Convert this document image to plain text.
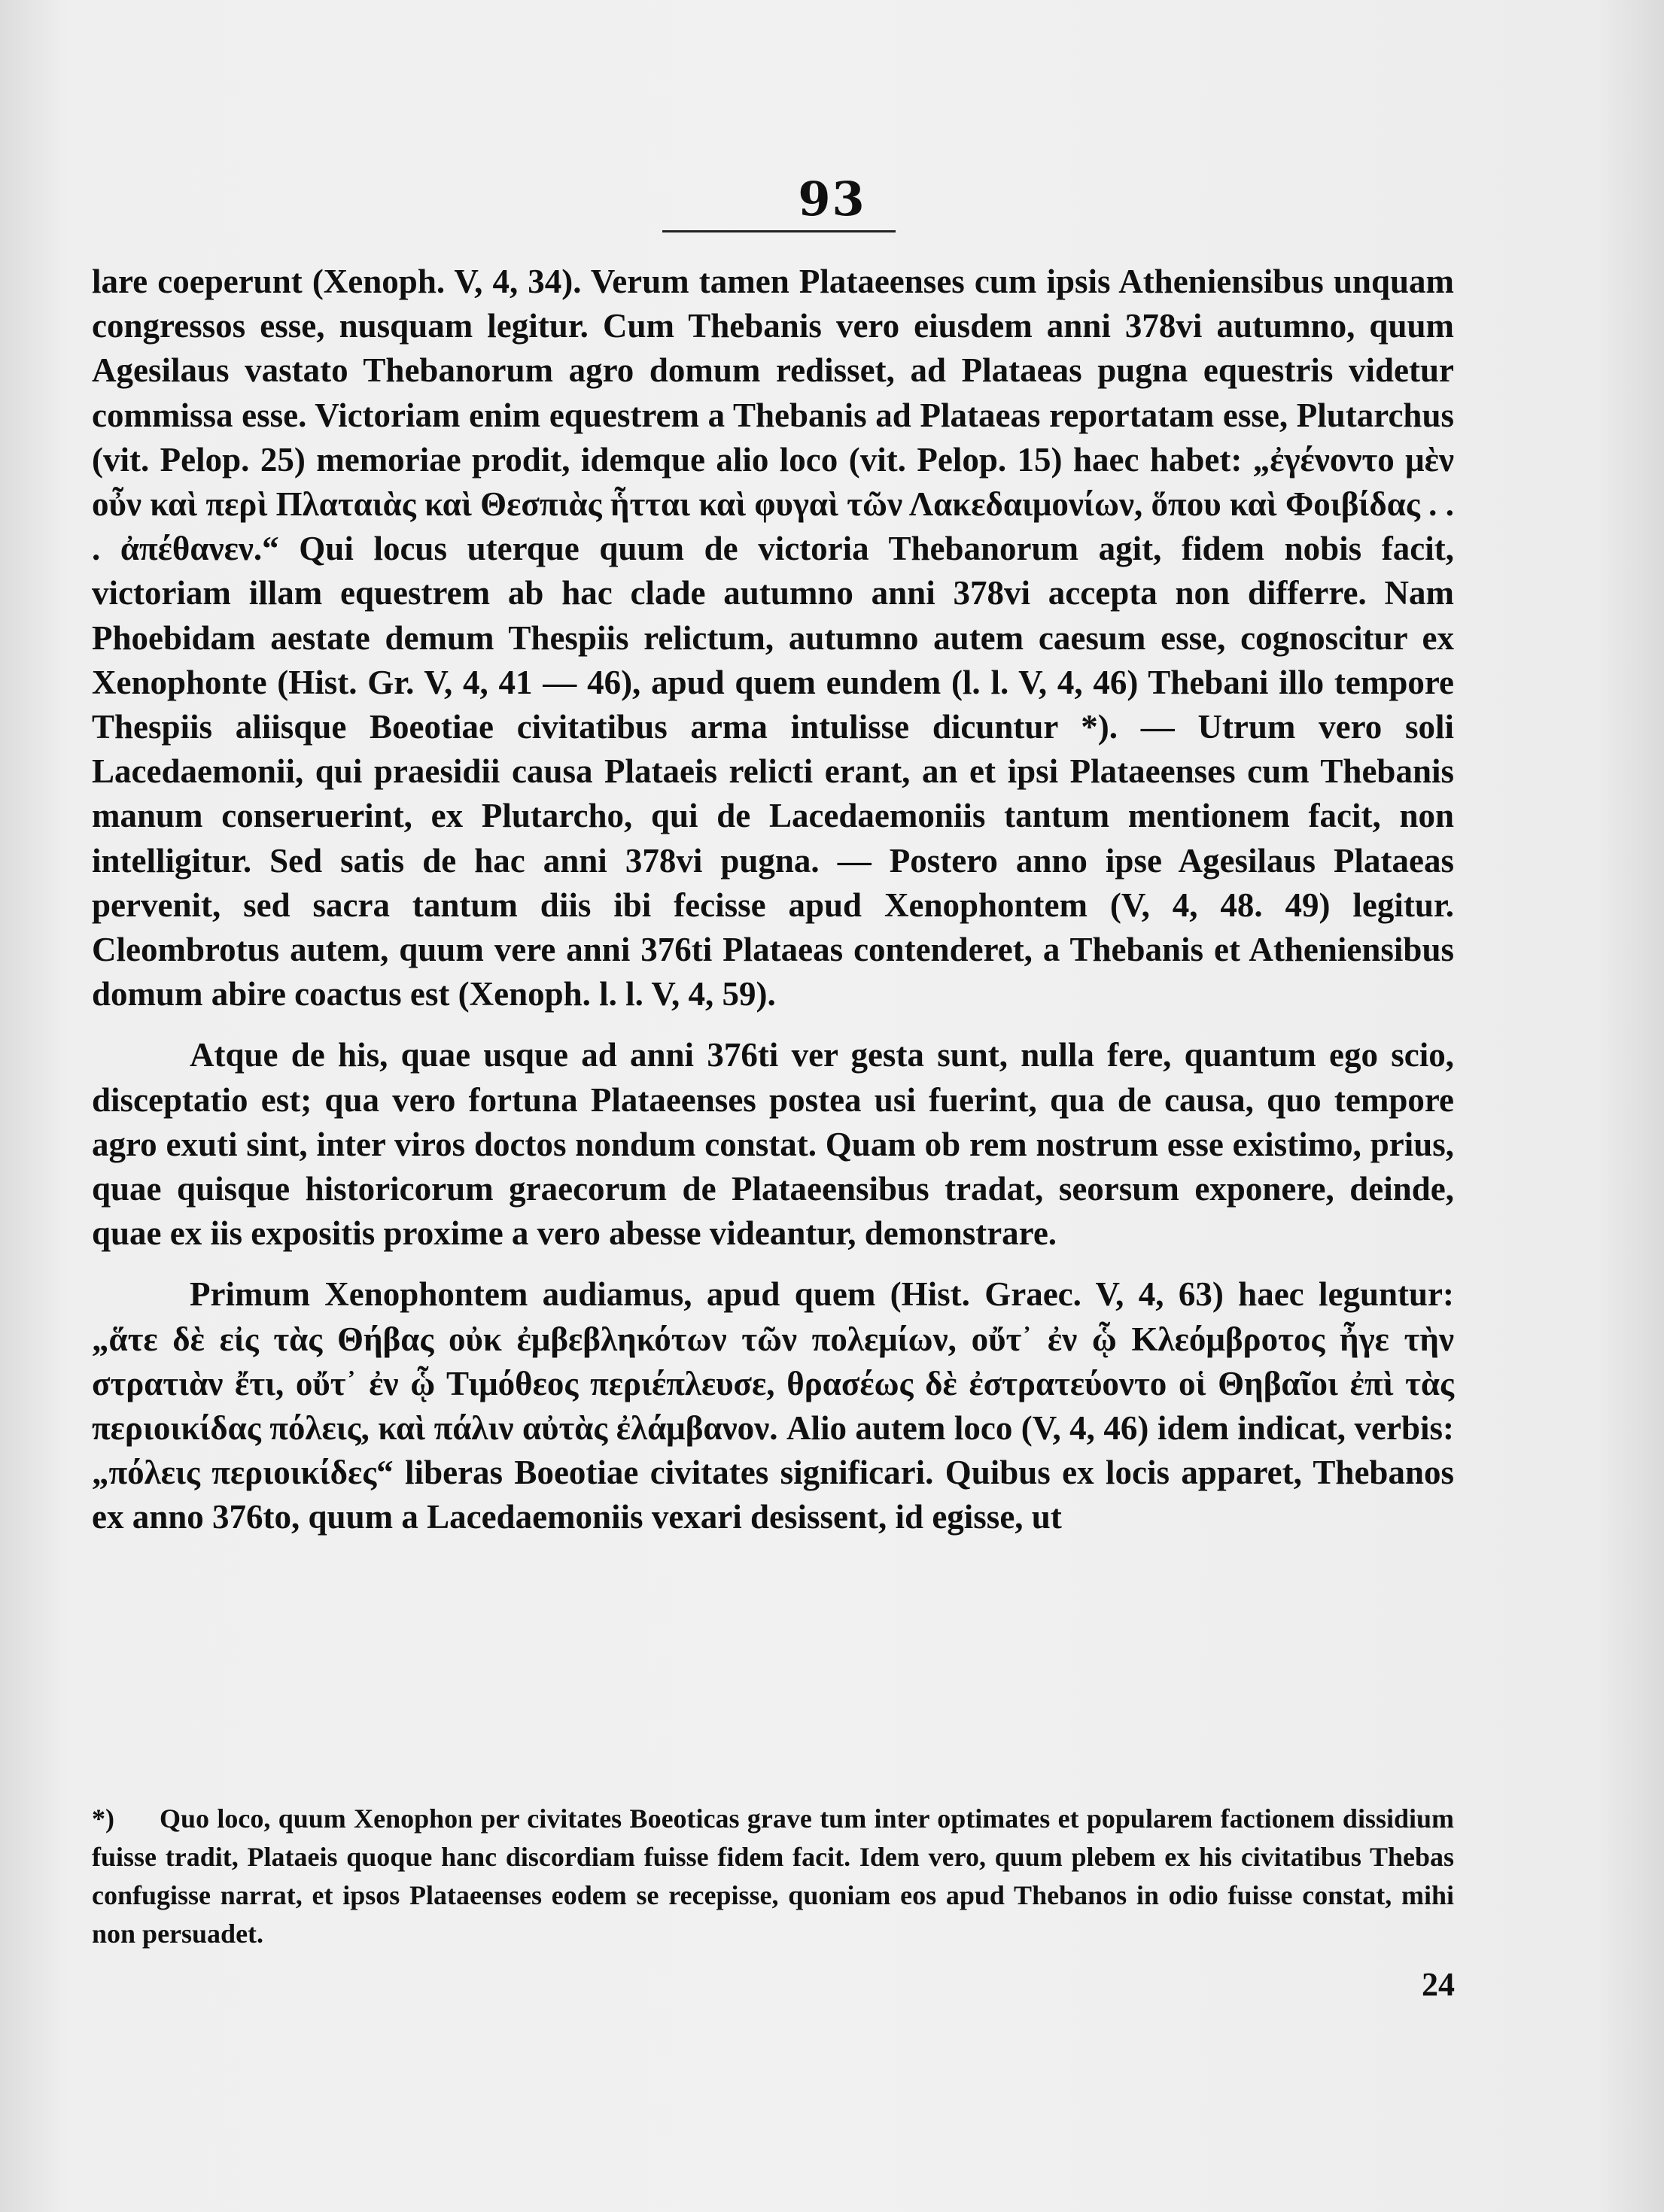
93

lare coeperunt (Xenoph. V, 4, 34). Verum tamen Plataeenses cum ipsis Atheniensibus unquam congressos esse, nusquam legitur. Cum Thebanis vero eiusdem anni 378vi autumno, quum Agesilaus vastato Thebanorum agro domum redisset, ad Plataeas pugna equestris videtur commissa esse. Victoriam enim equestrem a Thebanis ad Plataeas reportatam esse, Plutarchus (vit. Pelop. 25) memoriae prodit, idemque alio loco (vit. Pelop. 15) haec habet: „ἐγένοντο μὲν οὖν καὶ περὶ Πλαταιὰς καὶ Θεσπιὰς ἧτται καὶ φυγαὶ τῶν Λακεδαιμονίων, ὅπου καὶ Φοιβίδας . . . ἀπέθανεν.“ Qui locus uterque quum de victoria Thebanorum agit, fidem nobis facit, victoriam illam equestrem ab hac clade autumno anni 378vi accepta non differre. Nam Phoebidam aestate demum Thespiis relictum, autumno autem caesum esse, cognoscitur ex Xenophonte (Hist. Gr. V, 4, 41 — 46), apud quem eundem (l. l. V, 4, 46) Thebani illo tempore Thespiis aliisque Boeotiae civitatibus arma intulisse dicuntur *). — Utrum vero soli Lacedaemonii, qui praesidii causa Plataeis relicti erant, an et ipsi Plataeenses cum Thebanis manum conseruerint, ex Plutarcho, qui de Lacedaemoniis tantum mentionem facit, non intelligitur. Sed satis de hac anni 378vi pugna. — Postero anno ipse Agesilaus Plataeas pervenit, sed sacra tantum diis ibi fecisse apud Xenophontem (V, 4, 48. 49) legitur. Cleombrotus autem, quum vere anni 376ti Plataeas contenderet, a Thebanis et Atheniensibus domum abire coactus est (Xenoph. l. l. V, 4, 59).

Atque de his, quae usque ad anni 376ti ver gesta sunt, nulla fere, quantum ego scio, disceptatio est; qua vero fortuna Plataeenses postea usi fuerint, qua de causa, quo tempore agro exuti sint, inter viros doctos nondum constat. Quam ob rem nostrum esse existimo, prius, quae quisque historicorum graecorum de Plataeensibus tradat, seorsum exponere, deinde, quae ex iis expositis proxime a vero abesse videantur, demonstrare.

Primum Xenophontem audiamus, apud quem (Hist. Graec. V, 4, 63) haec leguntur: „ἅτε δὲ εἰς τὰς Θήβας οὐκ ἐμβεβληκότων τῶν πολεμίων, οὔτ᾽ ἐν ᾧ Κλεόμβροτος ἦγε τὴν στρατιὰν ἔτι, οὔτ᾽ ἐν ᾧ Τιμόθεος περιέπλευσε, θρασέως δὲ ἐστρατεύοντο οἱ Θηβαῖοι ἐπὶ τὰς περιοικίδας πόλεις, καὶ πάλιν αὐτὰς ἐλάμβανον. Alio autem loco (V, 4, 46) idem indicat, verbis: „πόλεις περιοικίδες“ liberas Boeotiae civitates significari. Quibus ex locis apparet, Thebanos ex anno 376to, quum a Lacedaemoniis vexari desissent, id egisse, ut

*) Quo loco, quum Xenophon per civitates Boeoticas grave tum inter optimates et popularem factionem dissidium fuisse tradit, Plataeis quoque hanc discordiam fuisse fidem facit. Idem vero, quum plebem ex his civitatibus Thebas confugisse narrat, et ipsos Plataeenses eodem se recepisse, quoniam eos apud Thebanos in odio fuisse constat, mihi non persuadet.
24
